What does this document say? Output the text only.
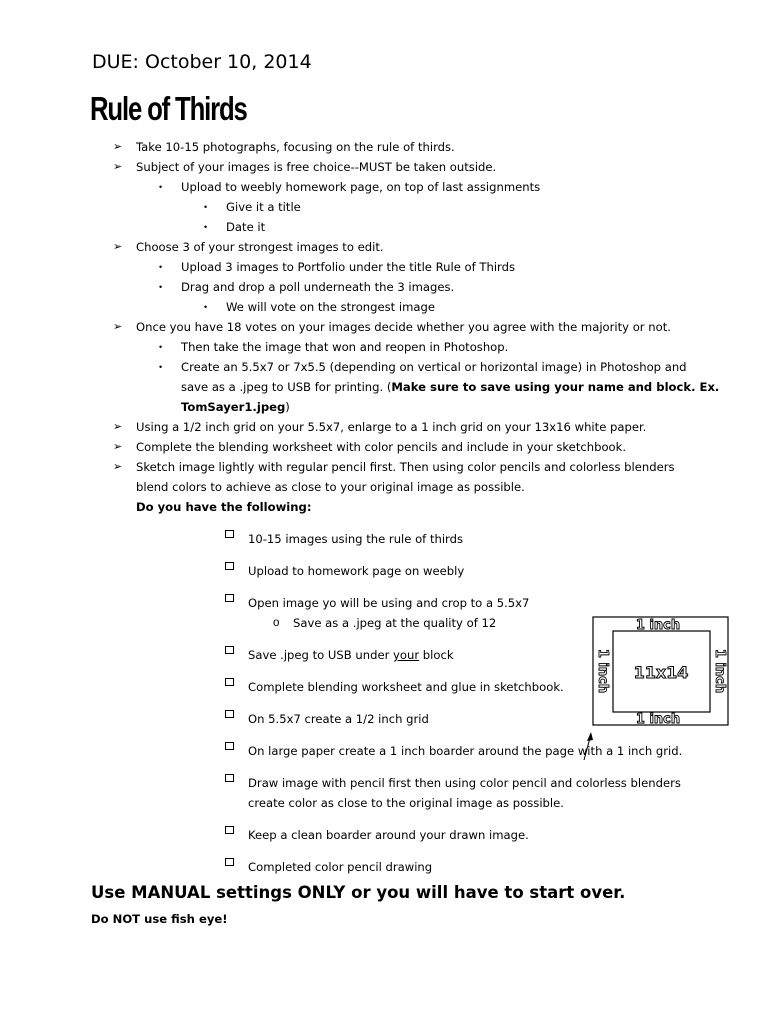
DUE: October 10, 2014
Rule of Thirds
➢ Take 10-15 photographs, focusing on the rule of thirds.
➢ Subject of your images is free choice--MUST be taken outside.
• Upload to weebly homework page, on top of last assignments
• Give it a title
• Date it
➢ Choose 3 of your strongest images to edit.
• Upload 3 images to Portfolio under the title Rule of Thirds
• Drag and drop a poll underneath the 3 images.
• We will vote on the strongest image
➢ Once you have 18 votes on your images decide whether you agree with the majority or not.
• Then take the image that won and reopen in Photoshop.
• Create an 5.5x7 or 7x5.5 (depending on vertical or horizontal image) in Photoshop and
save as a .jpeg to USB for printing. (Make sure to save using your name and block. Ex.
TomSayer1.jpeg)
➢ Using a 1/2 inch grid on your 5.5x7, enlarge to a 1 inch grid on your 13x16 white paper.
➢ Complete the blending worksheet with color pencils and include in your sketchbook.
➢ Sketch image lightly with regular pencil first. Then using color pencils and colorless blenders
blend colors to achieve as close to your original image as possible.
Do you have the following:
10-15 images using the rule of thirds
Upload to homework page on weebly
Open image yo will be using and crop to a 5.5x7
o Save as a .jpeg at the quality of 12
Save .jpeg to USB under your block
Complete blending worksheet and glue in sketchbook.
On 5.5x7 create a 1/2 inch grid
On large paper create a 1 inch boarder around the page with a 1 inch grid.
Draw image with pencil first then using color pencil and colorless blenders
create color as close to the original image as possible.
Keep a clean boarder around your drawn image.
Completed color pencil drawing
1 inch
1 inch
1 inch	1 inch
11x14
Use MANUAL settings ONLY or you will have to start over.
Do NOT use fish eye!
